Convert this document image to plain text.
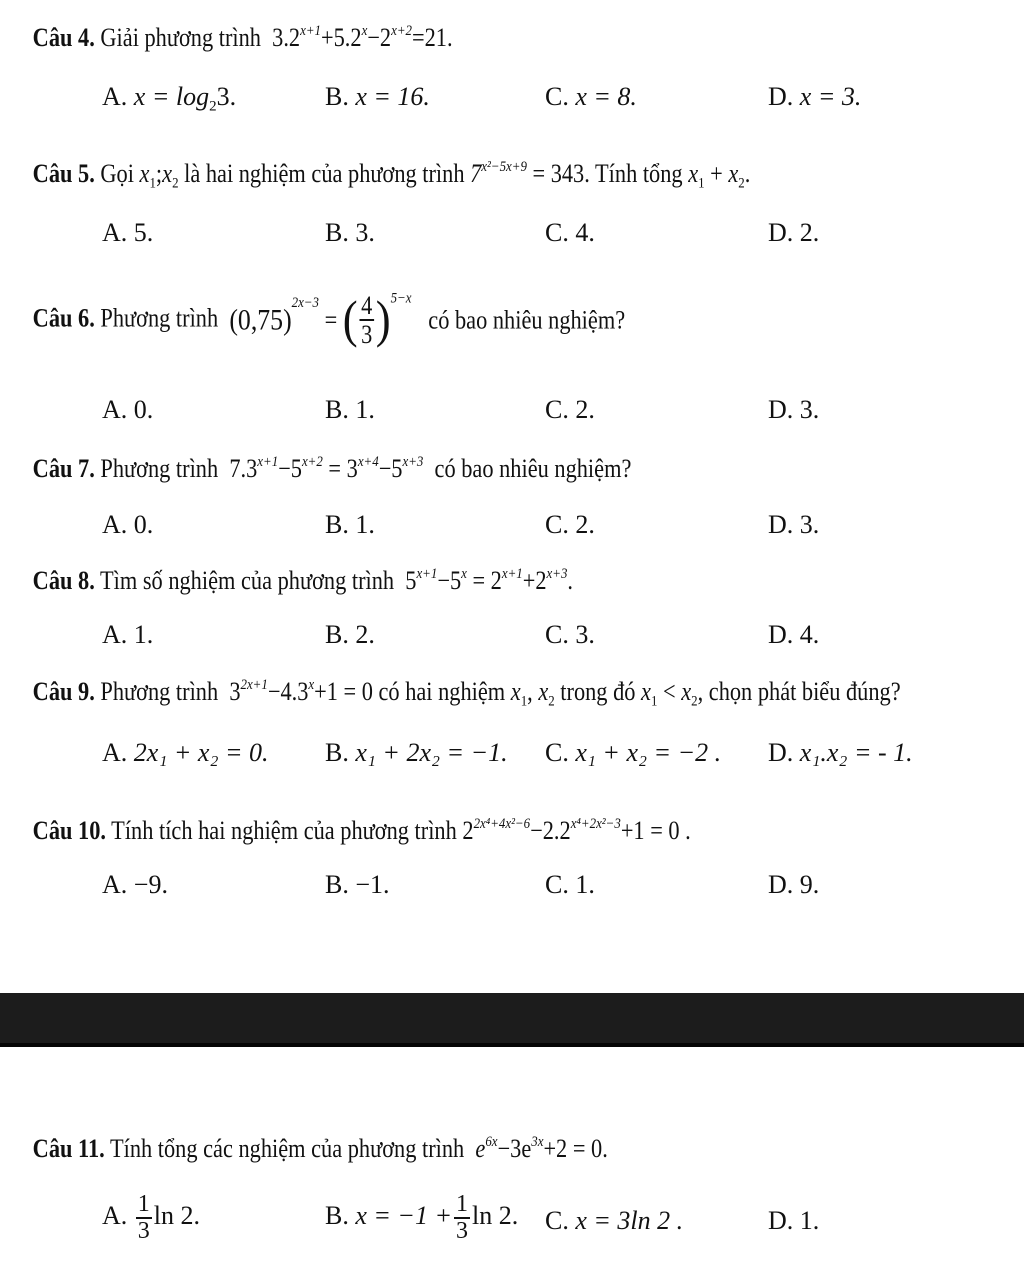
Câu 4. Giải phương trình $3.2^{x+1}+5.2^x-2^{x+2}=21$.
A. $x = \log_23$.	B. x = 16.	C. x = 8.	D. x = 3.
Câu 5. Gọi $x_1;x_2$ là hai nghiệm của phương trình $7^{x^2-5x+9} = 343$. Tính tổng $x_1 + x_2$.
A. 5.	B. 3.	C. 4.	D. 2.
Câu 6. Phương trình $(0,75)^{2x-3}$ = ( $\frac{4}{3} )^{5-x}$   có bao nhiêu nghiệm?
A. 0.	B. 1.	C. 2.	D. 3.
Câu 7. Phương trình $7.3^{x+1}-5^{x+2} = 3^{x+4}-5^{x+3}$ có bao nhiêu nghiệm?
A. 0.	B. 1.	C. 2.	D. 3.
Câu 8. Tìm số nghiệm của phương trình $5^{x+1}-5^x = 2^{x+1}+2^{x+3}$.
A. 1.	B. 2.	C. 3.	D. 4.
Câu 9. Phương trình $3^{2x+1}-4.3^x+1 = 0$ có hai nghiệm $x_1$, $x_2$ trong đó $x_1 < x_2$, chọn phát biểu đúng?
A. 2x₁ + x₂ = 0. B. x₁ + 2x₂ = −1. C. x₁ + x₂ = −2 . D. x₁.x₂ = - 1.
Câu 10. Tính tích hai nghiệm của phương trình $2^{2x^4+4x^2-6}-2.2^{x^4+2x^2-3}+1 = 0$ .
A. −9.	B. −1.	C. 1.	D. 9.
Câu 11. Tính tổng các nghiệm của phương trình $e^{6x}-3e^{3x}+2 = 0$.
A. $\frac{1}{3}$ ln 2.	B. $x = -1 + \frac{1}{3}$ ln 2. C. x = 3ln 2 .	D. 1.
